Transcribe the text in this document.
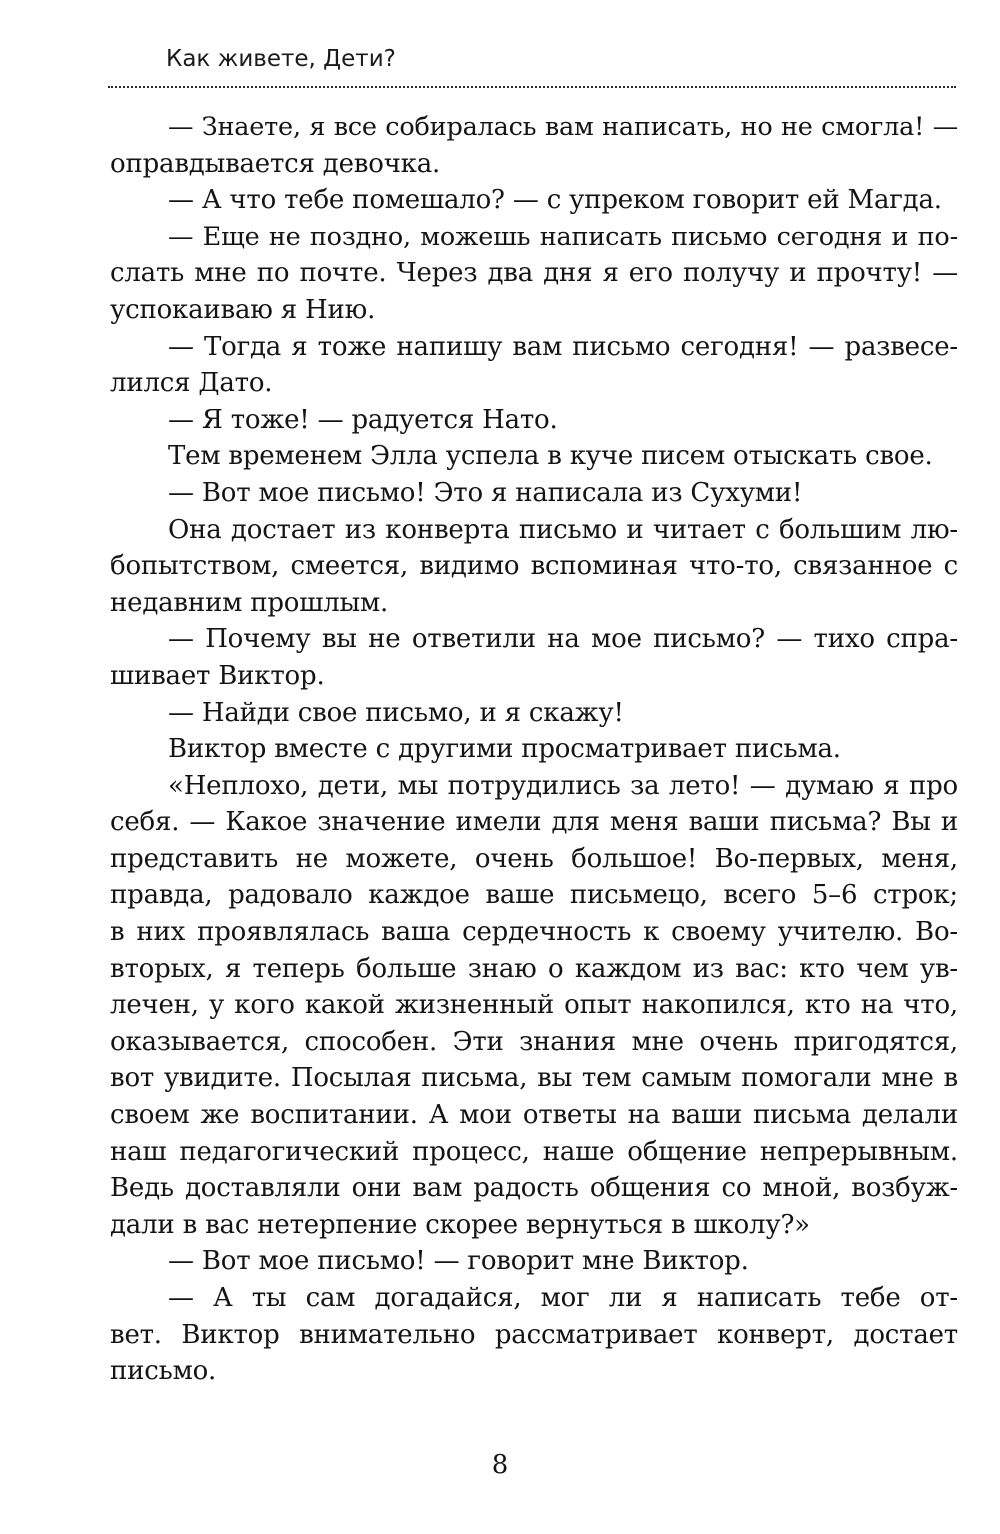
Как живете, Дети?
— Знаете, я все собиралась вам написать, но не смогла! —
оправдывается девочка.
— А что тебе помешало? — с упреком говорит ей Магда.
— Еще не поздно, можешь написать письмо сегодня и по-
слать мне по почте. Через два дня я его получу и прочту! —
успокаиваю я Нию.
— Тогда я тоже напишу вам письмо сегодня! — развесе-
лился Дато.
— Я тоже! — радуется Нато.
Тем временем Элла успела в куче писем отыскать свое.
— Вот мое письмо! Это я написала из Сухуми!
Она достает из конверта письмо и читает с большим лю-
бопытством, смеется, видимо вспоминая что-то, связанное с
недавним прошлым.
— Почему вы не ответили на мое письмо? — тихо спра-
шивает Виктор.
— Найди свое письмо, и я скажу!
Виктор вместе с другими просматривает письма.
«Неплохо, дети, мы потрудились за лето! — думаю я про
себя. — Какое значение имели для меня ваши письма? Вы и
представить не можете, очень большое! Во-первых, меня,
правда, радовало каждое ваше письмецо, всего 5–6 строк;
в них проявлялась ваша сердечность к своему учителю. Во-
вторых, я теперь больше знаю о каждом из вас: кто чем ув-
лечен, у кого какой жизненный опыт накопился, кто на что,
оказывается, способен. Эти знания мне очень пригодятся,
вот увидите. Посылая письма, вы тем самым помогали мне в
своем же воспитании. А мои ответы на ваши письма делали
наш педагогический процесс, наше общение непрерывным.
Ведь доставляли они вам радость общения со мной, возбуж-
дали в вас нетерпение скорее вернуться в школу?»
— Вот мое письмо! — говорит мне Виктор.
— А ты сам догадайся, мог ли я написать тебе от-
вет. Виктор внимательно рассматривает конверт, достает
письмо.
8
